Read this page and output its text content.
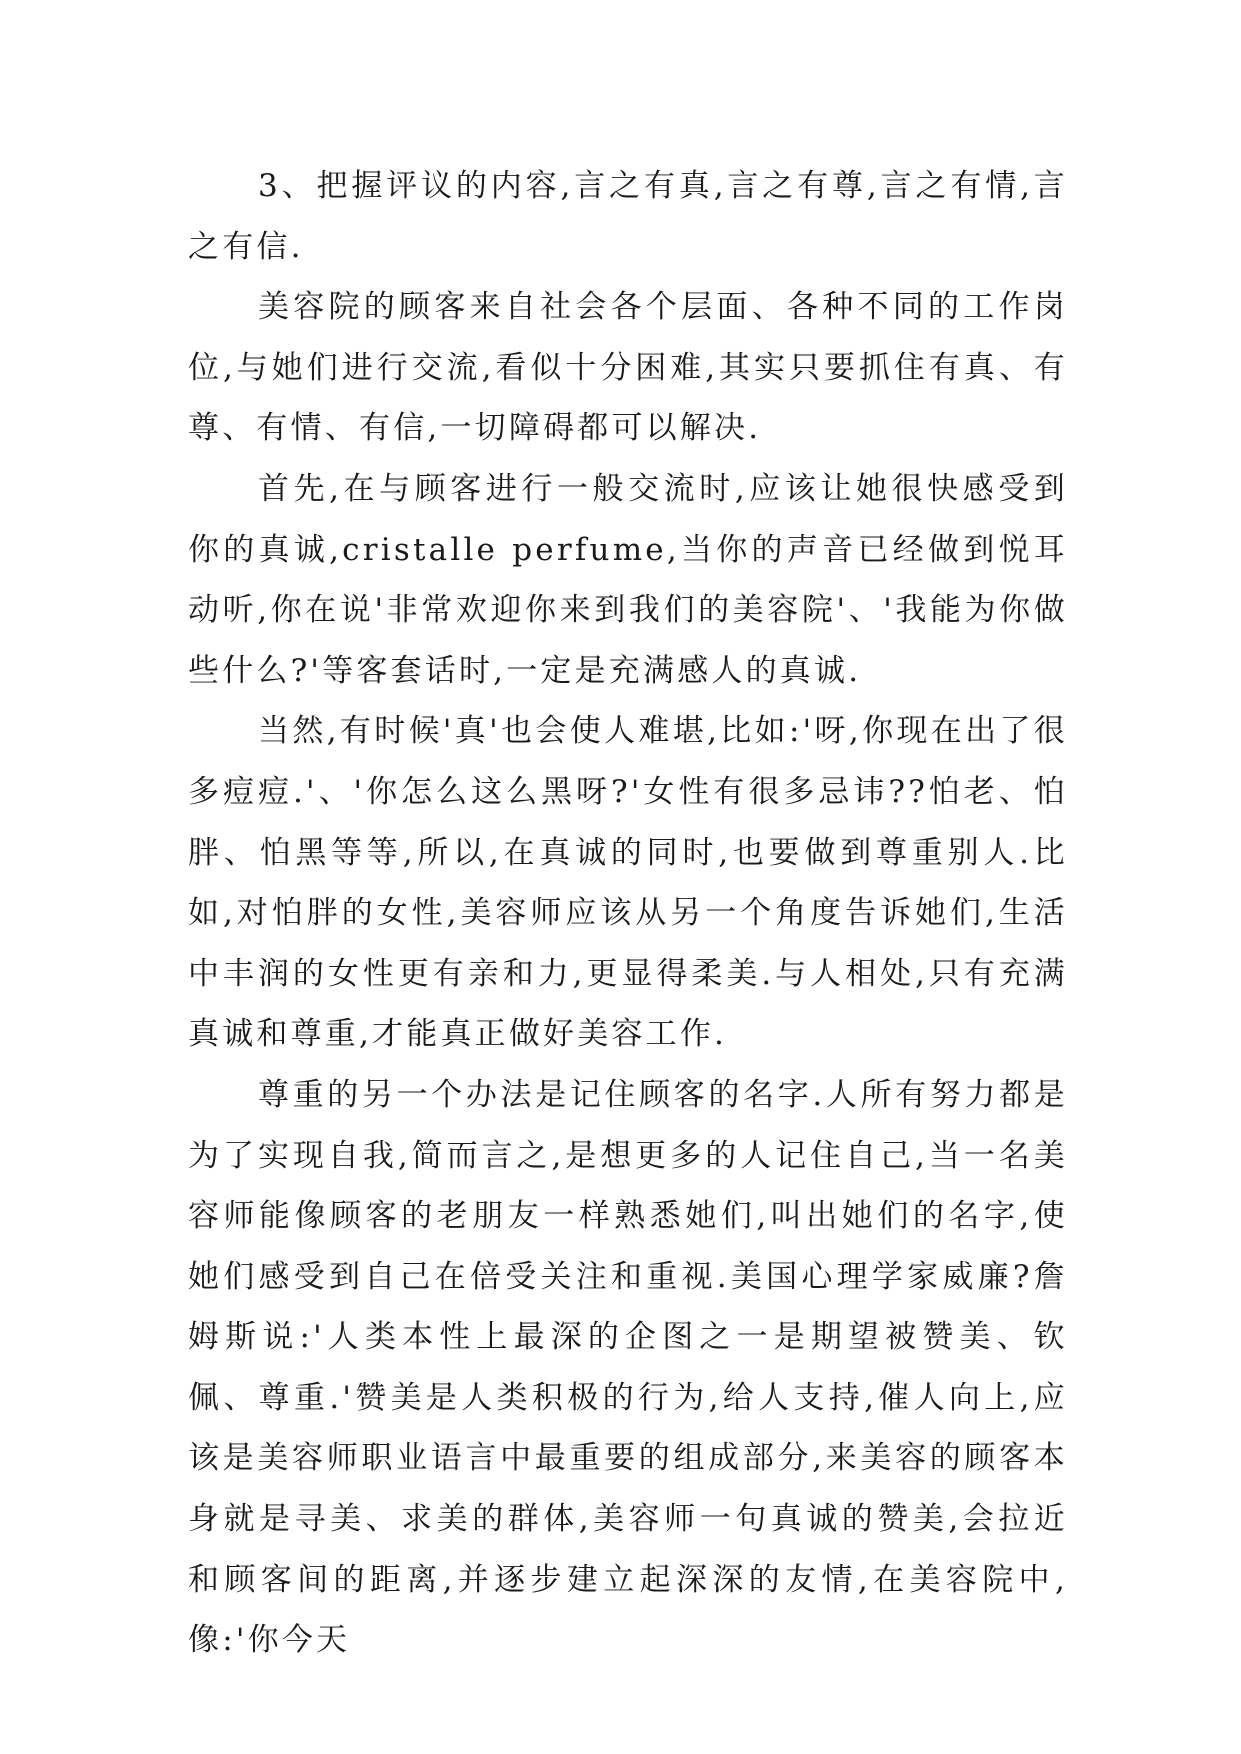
3、把握评议的内容,言之有真,言之有尊,言之有情,言之有信.

美容院的顾客来自社会各个层面、各种不同的工作岗位,与她们进行交流,看似十分困难,其实只要抓住有真、有尊、有情、有信,一切障碍都可以解决.

首先,在与顾客进行一般交流时,应该让她很快感受到你的真诚,cristalle perfume,当你的声音已经做到悦耳动听,你在说'非常欢迎你来到我们的美容院'、'我能为你做些什么?'等客套话时,一定是充满感人的真诚.

当然,有时候'真'也会使人难堪,比如:'呀,你现在出了很多痘痘.'、'你怎么这么黑呀?'女性有很多忌讳??怕老、怕胖、怕黑等等,所以,在真诚的同时,也要做到尊重别人.比如,对怕胖的女性,美容师应该从另一个角度告诉她们,生活中丰润的女性更有亲和力,更显得柔美.与人相处,只有充满真诚和尊重,才能真正做好美容工作.

尊重的另一个办法是记住顾客的名字.人所有努力都是为了实现自我,简而言之,是想更多的人记住自己,当一名美容师能像顾客的老朋友一样熟悉她们,叫出她们的名字,使她们感受到自己在倍受关注和重视.美国心理学家威廉?詹姆斯说:'人类本性上最深的企图之一是期望被赞美、钦佩、尊重.'赞美是人类积极的行为,给人支持,催人向上,应该是美容师职业语言中最重要的组成部分,来美容的顾客本身就是寻美、求美的群体,美容师一句真诚的赞美,会拉近和顾客间的距离,并逐步建立起深深的友情,在美容院中,像:'你今天
